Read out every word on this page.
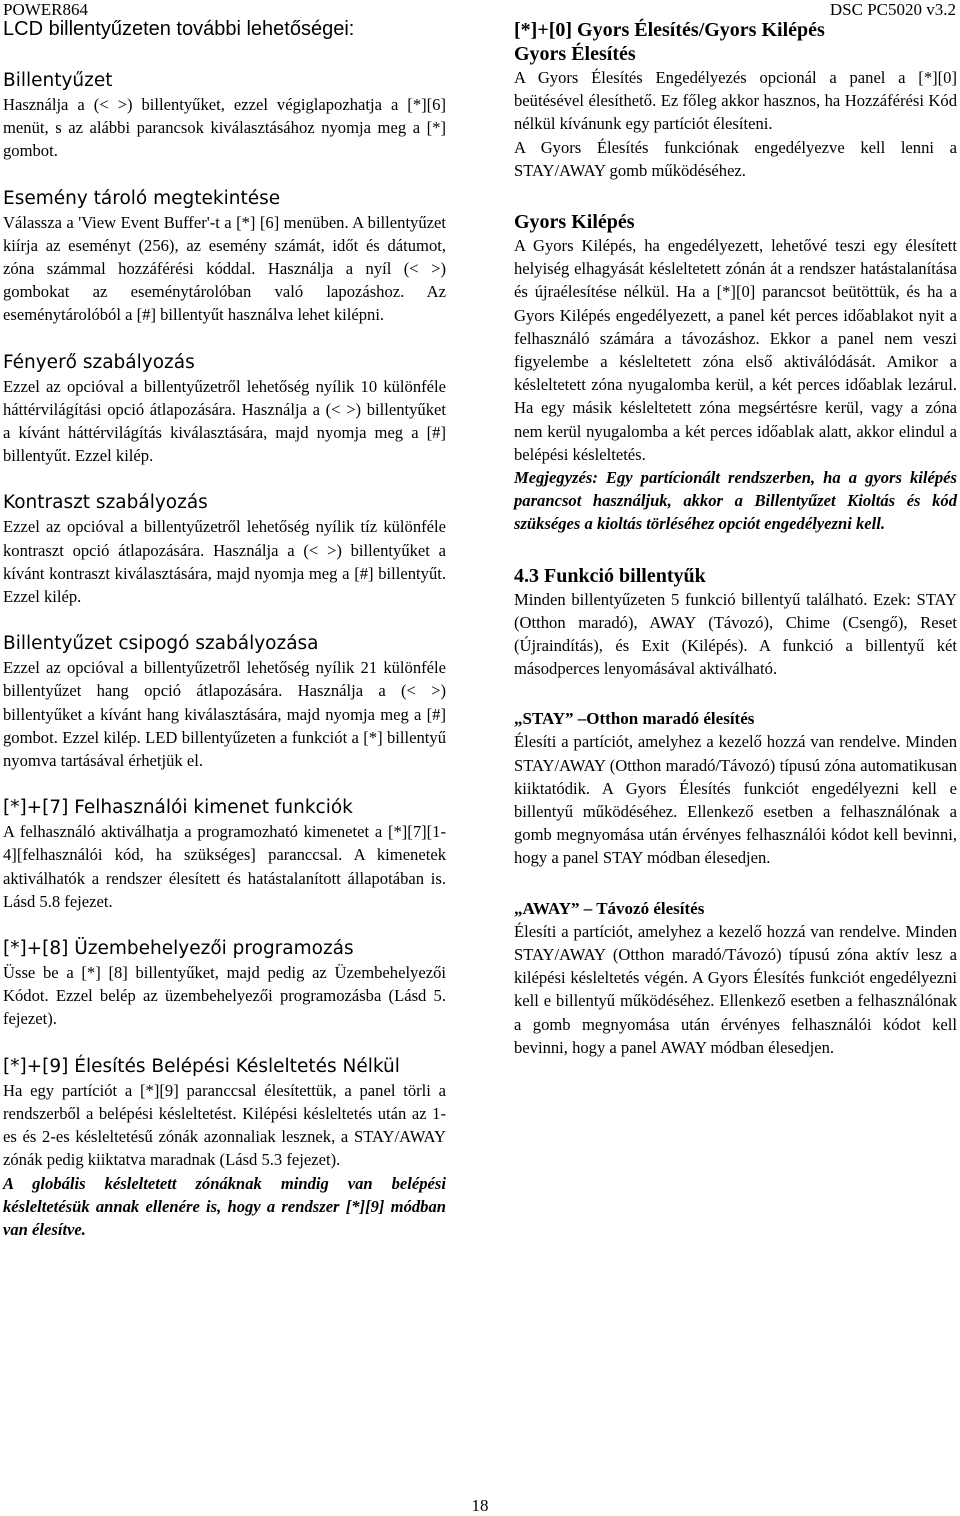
POWER864	DSC PC5020 v3.2
LCD billentyűzeten további lehetőségei:
Billentyűzet

Használja a (< >) billentyűket, ezzel végiglapozhatja a [*][6] menüt, s az alábbi parancsok kiválasztásához nyomja meg a [*] gombot.

Esemény tároló megtekintése

Válassza a 'View Event Buffer'-t a [*] [6] menüben. A billentyűzet kiírja az eseményt (256), az esemény számát, időt és dátumot, zóna számmal hozzáférési kóddal. Használja a nyíl (< >) gombokat az eseménytárolóban való lapozáshoz. Az eseménytárolóból a [#] billentyűt használva lehet kilépni.

Fényerő szabályozás

Ezzel az opcióval a billentyűzetről lehetőség nyílik 10 különféle háttérvilágítási opció átlapozására. Használja a (< >) billentyűket a kívánt háttérvilágítás kiválasztására, majd nyomja meg a [#] billentyűt. Ezzel kilép.

Kontraszt szabályozás

Ezzel az opcióval a billentyűzetről lehetőség nyílik tíz különféle kontraszt opció átlapozására. Használja a (< >) billentyűket a kívánt kontraszt kiválasztására, majd nyomja meg a [#] billentyűt. Ezzel kilép.

Billentyűzet csipogó szabályozása

Ezzel az opcióval a billentyűzetről lehetőség nyílik 21 különféle billentyűzet hang opció átlapozására. Használja a (< >) billentyűket a kívánt hang kiválasztására, majd nyomja meg a [#] gombot. Ezzel kilép. LED billentyűzeten a funkciót a [*] billentyű nyomva tartásával érhetjük el.

[*]+[7] Felhasználói kimenet funkciók

A felhasználó aktiválhatja a programozható kimenetet a [*][7][1-4][felhasználói kód, ha szükséges] paranccsal. A kimenetek aktiválhatók a rendszer élesített és hatástalanított állapotában is. Lásd 5.8 fejezet.

[*]+[8] Üzembehelyezői programozás

Üsse be a [*] [8] billentyűket, majd pedig az Üzembehelyezői Kódot. Ezzel belép az üzembehelyezői programozásba (Lásd 5. fejezet).

[*]+[9] Élesítés Belépési Késleltetés Nélkül

Ha egy partíciót a [*][9] paranccsal élesítettük, a panel törli a rendszerből a belépési késleltetést. Kilépési késleltetés után az 1-es és 2-es késleltetésű zónák azonnaliak lesznek, a STAY/AWAY zónák pedig kiiktatva maradnak (Lásd 5.3 fejezet).

A globális késleltetett zónáknak mindig van belépési késleltetésük annak ellenére is, hogy a rendszer [*][9] módban van élesítve.

[*]+[0] Gyors Élesítés/Gyors Kilépés
Gyors Élesítés

A Gyors Élesítés Engedélyezés opcionál a panel a [*][0] beütésével élesíthető. Ez főleg akkor hasznos, ha Hozzáférési Kód nélkül kívánunk egy partíciót élesíteni.

A Gyors Élesítés funkciónak engedélyezve kell lenni a STAY/AWAY gomb működéséhez.

Gyors Kilépés

A Gyors Kilépés, ha engedélyezett, lehetővé teszi egy élesített helyiség elhagyását késleltetett zónán át a rendszer hatástalanítása és újraélesítése nélkül. Ha a [*][0] parancsot beütöttük, és ha a Gyors Kilépés engedélyezett, a panel két perces időablakot nyit a felhasználó számára a távozáshoz. Ekkor a panel nem veszi figyelembe a késleltetett zóna első aktiválódását. Amikor a késleltetett zóna nyugalomba kerül, a két perces időablak lezárul. Ha egy másik késleltetett zóna megsértésre kerül, vagy a zóna nem kerül nyugalomba a két perces időablak alatt, akkor elindul a belépési késleltetés.

Megjegyzés: Egy partícionált rendszerben, ha a gyors kilépés parancsot használjuk, akkor a Billentyűzet Kioltás és kód szükséges a kioltás törléséhez opciót engedélyezni kell.

4.3 Funkció billentyűk

Minden billentyűzeten 5 funkció billentyű található. Ezek: STAY (Otthon maradó), AWAY (Távozó), Chime (Csengő), Reset (Újraindítás), és Exit (Kilépés). A funkció a billentyű két másodperces lenyomásával aktiválható.

„STAY” –Otthon maradó élesítés

Élesíti a partíciót, amelyhez a kezelő hozzá van rendelve. Minden STAY/AWAY (Otthon maradó/Távozó) típusú zóna automatikusan kiiktatódik. A Gyors Élesítés funkciót engedélyezni kell e billentyű működéséhez. Ellenkező esetben a felhasználónak a gomb megnyomása után érvényes felhasználói kódot kell bevinni, hogy a panel STAY módban élesedjen.

„AWAY” – Távozó élesítés

Élesíti a partíciót, amelyhez a kezelő hozzá van rendelve. Minden STAY/AWAY (Otthon maradó/Távozó) típusú zóna aktív lesz a kilépési késleltetés végén. A Gyors Élesítés funkciót engedélyezni kell e billentyű működéséhez. Ellenkező esetben a felhasználónak a gomb megnyomása után érvényes felhasználói kódot kell bevinni, hogy a panel AWAY módban élesedjen.

18
